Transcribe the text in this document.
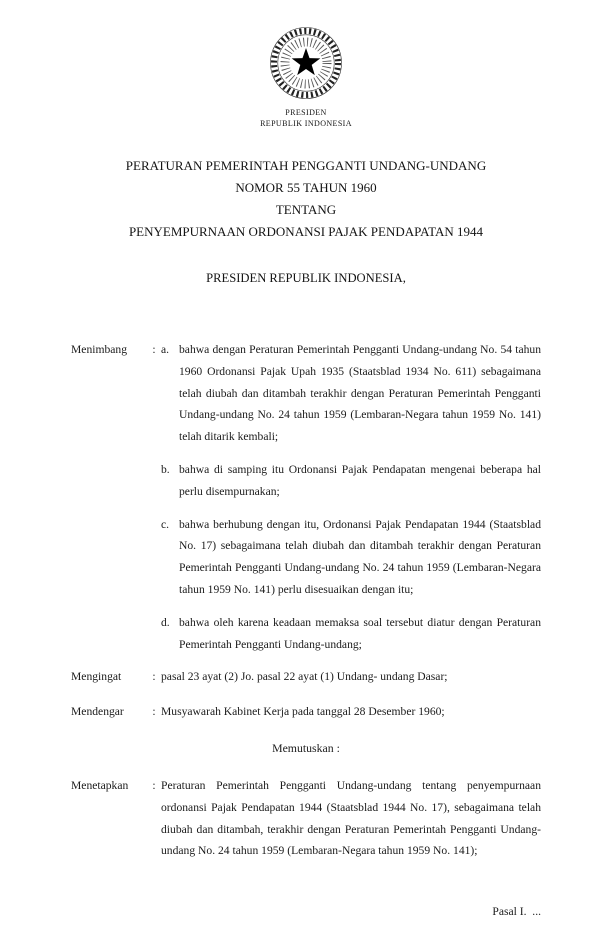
PRESIDEN
REPUBLIK INDONESIA
PERATURAN PEMERINTAH PENGGANTI UNDANG-UNDANG
NOMOR 55 TAHUN 1960
TENTANG
PENYEMPURNAAN ORDONANSI PAJAK PENDAPATAN 1944
PRESIDEN REPUBLIK INDONESIA,
Menimbang	: a. bahwa dengan Peraturan Pemerintah Pengganti Undang-undang No. 54 tahun 1960 Ordonansi Pajak Upah 1935 (Staatsblad 1934 No. 611) sebagaimana telah diubah dan ditambah terakhir dengan Peraturan Pemerintah Pengganti Undang-undang No. 24 tahun 1959 (Lembaran-Negara tahun 1959 No. 141) telah ditarik kembali;
b. bahwa di samping itu Ordonansi Pajak Pendapatan mengenai beberapa hal perlu disempurnakan;
c. bahwa berhubung dengan itu, Ordonansi Pajak Pendapatan 1944 (Staatsblad No. 17) sebagaimana telah diubah dan ditambah terakhir dengan Peraturan Pemerintah Pengganti Undang-undang No. 24 tahun 1959 (Lembaran-Negara tahun 1959 No. 141) perlu disesuaikan dengan itu;
d. bahwa oleh karena keadaan memaksa soal tersebut diatur dengan Peraturan Pemerintah Pengganti Undang-undang;
Mengingat	: pasal 23 ayat (2) Jo. pasal 22 ayat (1) Undang- undang Dasar;
Mendengar	: Musyawarah Kabinet Kerja pada tanggal 28 Desember 1960;
Memutuskan :
Menetapkan	: Peraturan Pemerintah Pengganti Undang-undang tentang penyempurnaan ordonansi Pajak Pendapatan 1944 (Staatsblad 1944 No. 17), sebagaimana telah diubah dan ditambah, terakhir dengan Peraturan Pemerintah Pengganti Undang-undang No. 24 tahun 1959 (Lembaran-Negara tahun 1959 No. 141);
Pasal I.  ...
